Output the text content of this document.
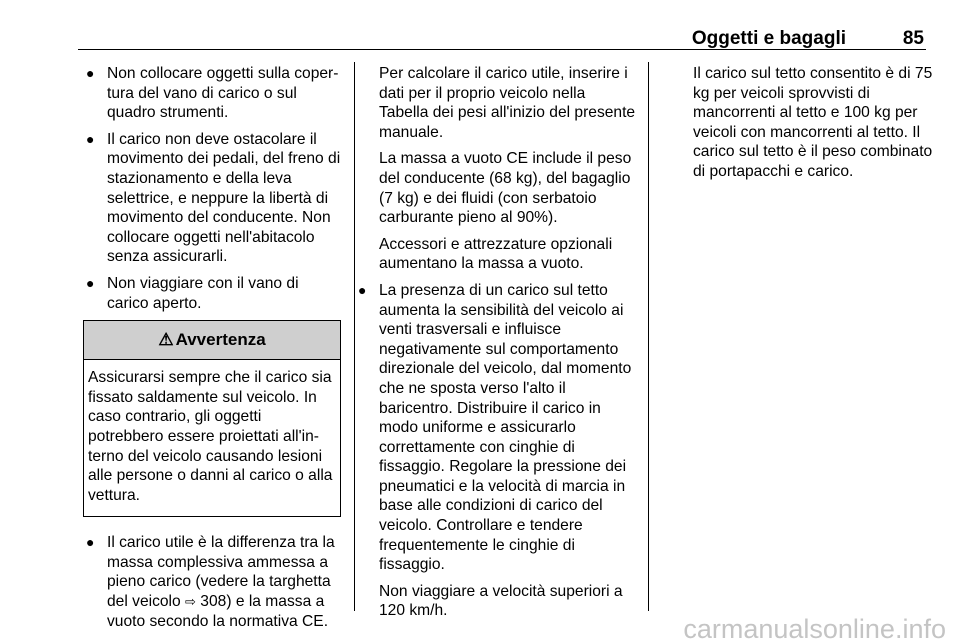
Oggetti e bagagli	85
● Non collocare oggetti sulla copertura del vano di carico o sul quadro strumenti.
● Il carico non deve ostacolare il movimento dei pedali, del freno di stazionamento e della leva selettrice, e neppure la libertà di movimento del conducente. Non collocare oggetti nell'abitacolo senza assicurarli.
● Non viaggiare con il vano di carico aperto.
⚠ Avvertenza
Assicurarsi sempre che il carico sia fissato saldamente sul veicolo. In caso contrario, gli oggetti potrebbero essere proiettati all'interno del veicolo causando lesioni alle persone o danni al carico o alla vettura.
● Il carico utile è la differenza tra la massa complessiva ammessa a pieno carico (vedere la targhetta del veicolo ⇨ 308) e la massa a vuoto secondo la normativa CE.
Per calcolare il carico utile, inserire i dati per il proprio veicolo nella Tabella dei pesi all'inizio del presente manuale.
La massa a vuoto CE include il peso del conducente (68 kg), del bagaglio (7 kg) e dei fluidi (con serbatoio carburante pieno al 90%).
Accessori e attrezzature opzionali aumentano la massa a vuoto.
● La presenza di un carico sul tetto aumenta la sensibilità del veicolo ai venti trasversali e influisce negativamente sul comportamento direzionale del veicolo, dal momento che ne sposta verso l'alto il baricentro. Distribuire il carico in modo uniforme e assicurarlo correttamente con cinghie di fissaggio. Regolare la pressione dei pneumatici e la velocità di marcia in base alle condizioni di carico del veicolo. Controllare e tendere frequentemente le cinghie di fissaggio.
Non viaggiare a velocità superiori a 120 km/h.
Il carico sul tetto consentito è di 75 kg per veicoli sprovvisti di mancorrenti al tetto e 100 kg per veicoli con mancorrenti al tetto. Il carico sul tetto è il peso combinato di portapacchi e carico.
carmanualsonline.info
